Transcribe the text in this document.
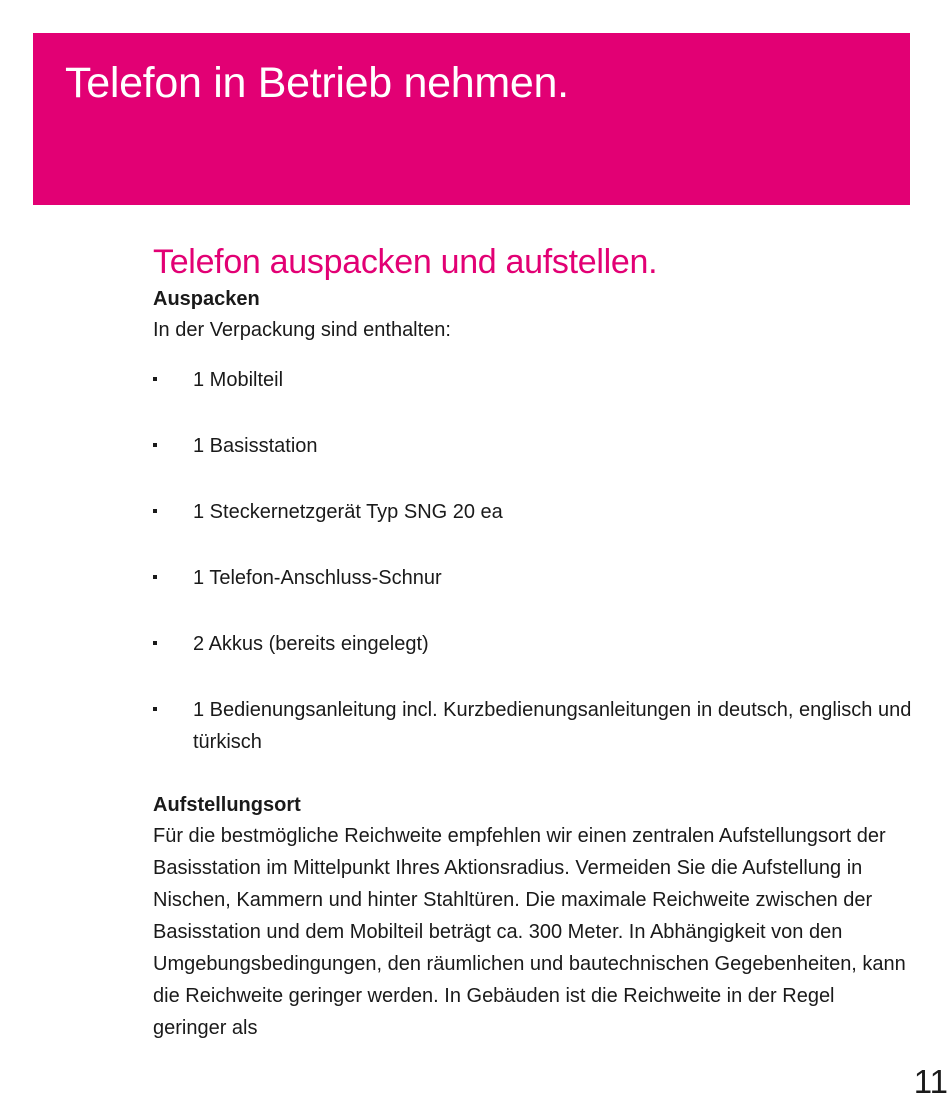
Telefon in Betrieb nehmen.
Telefon auspacken und aufstellen.
Auspacken

In der Verpackung sind enthalten:

1 Mobilteil
1 Basisstation
1 Steckernetzgerät Typ SNG 20 ea
1 Telefon-Anschluss-Schnur
2 Akkus (bereits eingelegt)
1 Bedienungsanleitung incl. Kurzbedienungsanleitungen in deutsch, englisch und türkisch
Aufstellungsort

Für die bestmögliche Reichweite empfehlen wir einen zentralen Aufstellungsort der Basisstation im Mittelpunkt Ihres Aktionsradius. Vermeiden Sie die Aufstellung in Nischen, Kammern und hinter Stahltüren. Die maximale Reichweite zwischen der Basisstation und dem Mobilteil beträgt ca. 300 Meter. In Abhängigkeit von den Umgebungsbedingungen, den räumlichen und bautechnischen Gegebenheiten, kann die Reichweite geringer werden. In Gebäuden ist die Reichweite in der Regel geringer als

11
